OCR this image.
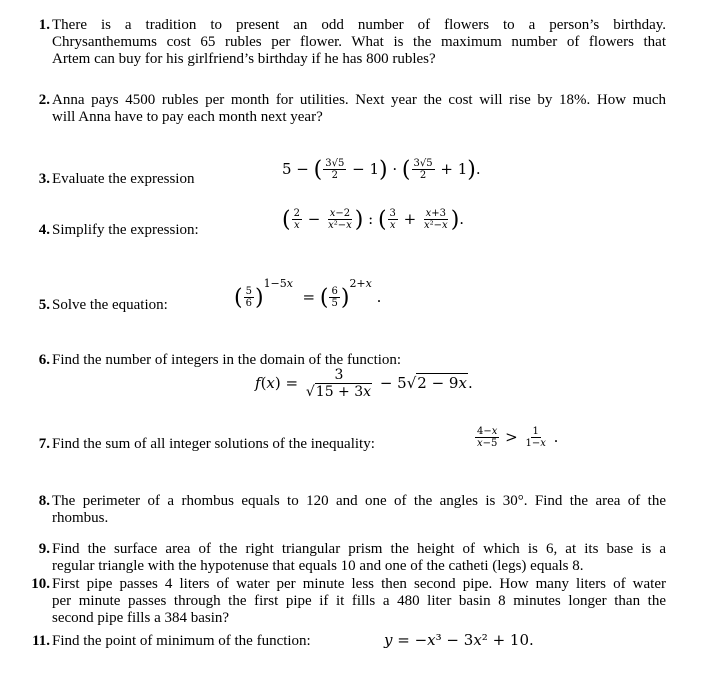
1. There is a tradition to present an odd number of flowers to a person’s birthday.
Chrysanthemums cost 65 rubles per flower. What is the maximum number of flowers that
Artem can buy for his girlfriend’s birthday if he has 800 rubles?
2. Anna pays 4500 rubles per month for utilities. Next year the cost will rise by 18%. How much
will Anna have to pay each month next year?
3. Evaluate the expression
5 − ( $\frac{3√5}{2} - 1$) · ( $\frac{3√5}{2} + 1$).
4. Simplify the expression:	( $\frac{2}{x} - \frac{x-2}{\text{x²−x}}$ ) : ( $\frac{3}{x} + \frac{x+3}{\text{x²−x}}$ ).
5. Solve the equation:	( $\frac{5}{6} )^{1-5x}$  = ( $\frac{6}{5} )^{2+x}$ .
6. Find the number of integers in the domain of the function:
$f(x) = \frac{3}{√15 + 3x} - 5√2 - 9x$.
7. Find the sum of all integer solutions of the inequality:	$\frac{4-x}{x-5} > \frac{1}{1-x}$ .
8. The perimeter of a rhombus equals to 120 and one of the angles is 30°. Find the area of the
rhombus.
9. Find the surface area of the right triangular prism the height of which is 6, at its base is a
regular triangle with the hypotenuse that equals 10 and one of the catheti (legs) equals 8.
10. First pipe passes 4 liters of water per minute less then second pipe. How many liters of water
per minute passes through the first pipe if it fills a 480 liter basin 8 minutes longer than the
second pipe fills a 384 basin?
11. Find the point of minimum of the function:	y = −x³ − 3x² + 10.
